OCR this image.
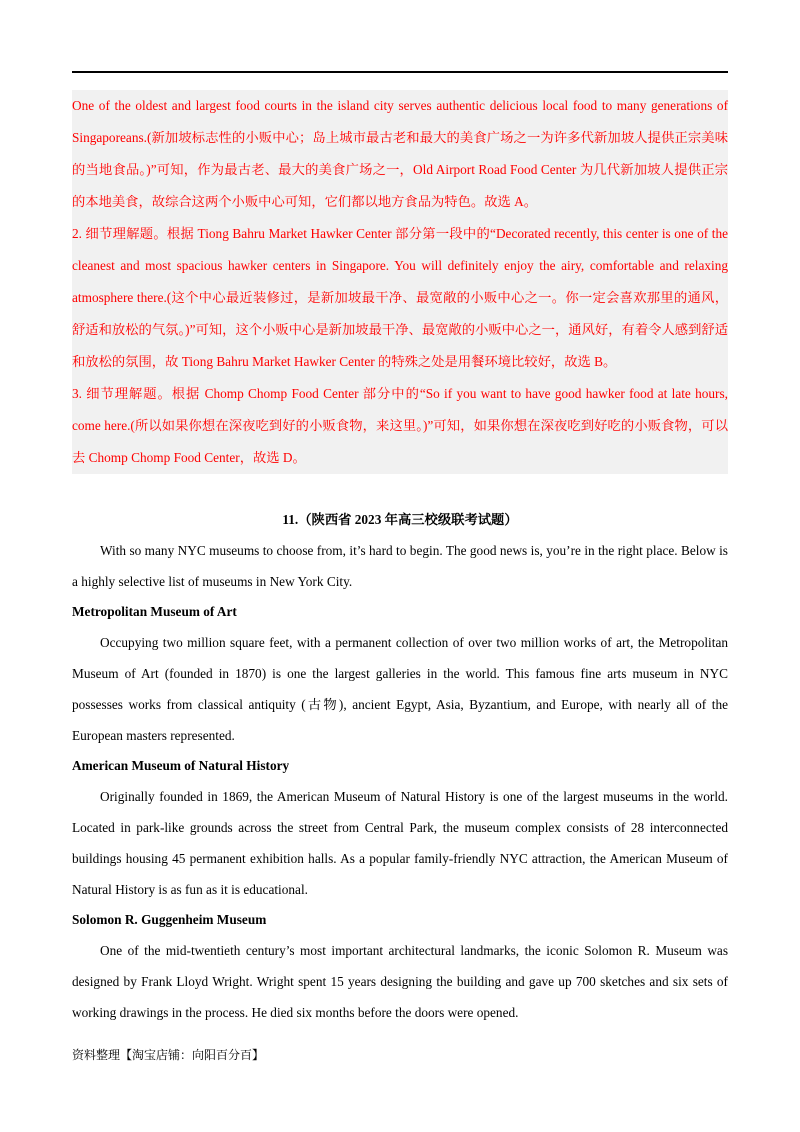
One of the oldest and largest food courts in the island city serves authentic delicious local food to many generations of Singaporeans.(新加坡标志性的小贩中心；岛上城市最古老和最大的美食广场之一为许多代新加坡人提供正宗美味的当地食品。)”可知，作为最古老、最大的美食广场之一，Old Airport Road Food Center 为几代新加坡人提供正宗的本地美食，故综合这两个小贩中心可知，它们都以地方食品为特色。故选 A。

2. 细节理解题。根据 Tiong Bahru Market Hawker Center 部分第一段中的“Decorated recently, this center is one of the cleanest and most spacious hawker centers in Singapore. You will definitely enjoy the airy, comfortable and relaxing atmosphere there.(这个中心最近装修过，是新加坡最干净、最宽敞的小贩中心之一。你一定会喜欢那里的通风，舒适和放松的气氛。)”可知，这个小贩中心是新加坡最干净、最宽敞的小贩中心之一，通风好，有着令人感到舒适和放松的氛围，故 Tiong Bahru Market Hawker Center 的特殊之处是用餐环境比较好，故选 B。

3. 细节理解题。根据 Chomp Chomp Food Center 部分中的“So if you want to have good hawker food at late hours, come here.(所以如果你想在深夜吃到好的小贩食物，来这里。)”可知，如果你想在深夜吃到好吃的小贩食物，可以去 Chomp Chomp Food Center，故选 D。

11.（陕西省 2023 年高三校级联考试题）

With so many NYC museums to choose from, it’s hard to begin. The good news is, you’re in the right place. Below is a highly selective list of museums in New York City.

Metropolitan Museum of Art

Occupying two million square feet, with a permanent collection of over two million works of art, the Metropolitan Museum of Art (founded in 1870) is one the largest galleries in the world. This famous fine arts museum in NYC possesses works from classical antiquity (古物), ancient Egypt, Asia, Byzantium, and Europe, with nearly all of the European masters represented.

American Museum of Natural History

Originally founded in 1869, the American Museum of Natural History is one of the largest museums in the world. Located in park-like grounds across the street from Central Park, the museum complex consists of 28 interconnected buildings housing 45 permanent exhibition halls. As a popular family-friendly NYC attraction, the American Museum of Natural History is as fun as it is educational.

Solomon R. Guggenheim Museum

One of the mid-twentieth century’s most important architectural landmarks, the iconic Solomon R. Museum was designed by Frank Lloyd Wright. Wright spent 15 years designing the building and gave up 700 sketches and six sets of working drawings in the process. He died six months before the doors were opened.

资料整理【淘宝店铺：向阳百分百】
